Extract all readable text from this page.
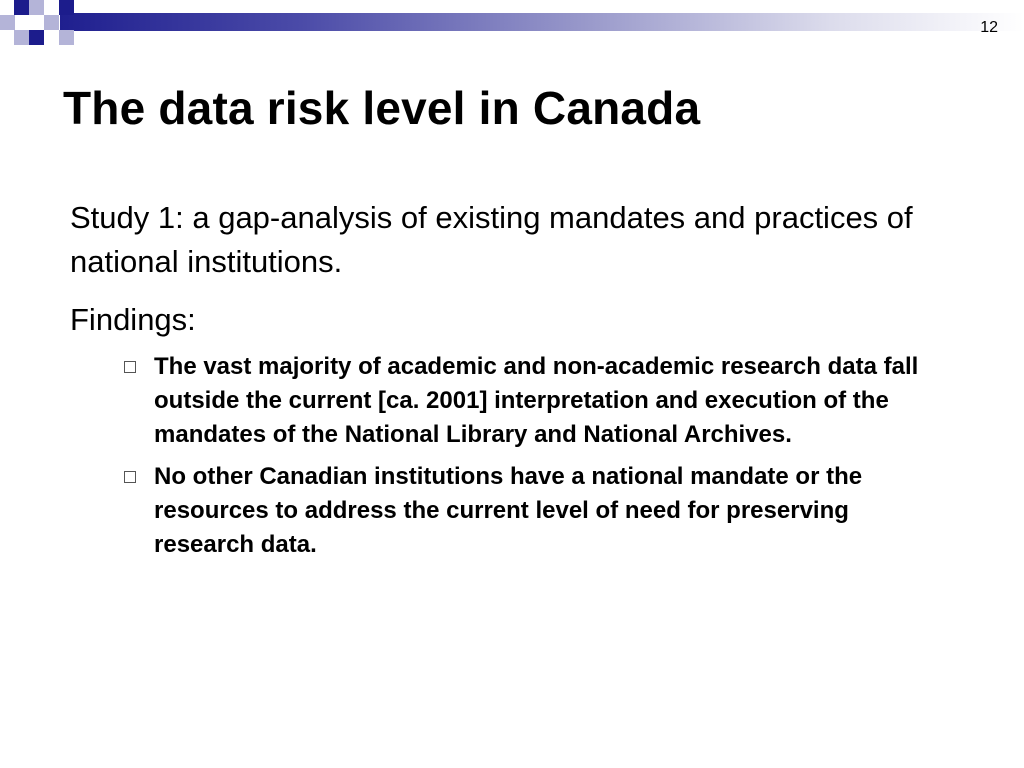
12
The data risk level in Canada

Study 1: a gap-analysis of existing mandates and practices of national institutions.

Findings:

The vast majority of academic and non-academic research data fall outside the current [ca. 2001] interpretation and execution of the mandates of the National Library and National Archives.
No other Canadian institutions have a national mandate or the resources to address the current level of need for preserving research data.
